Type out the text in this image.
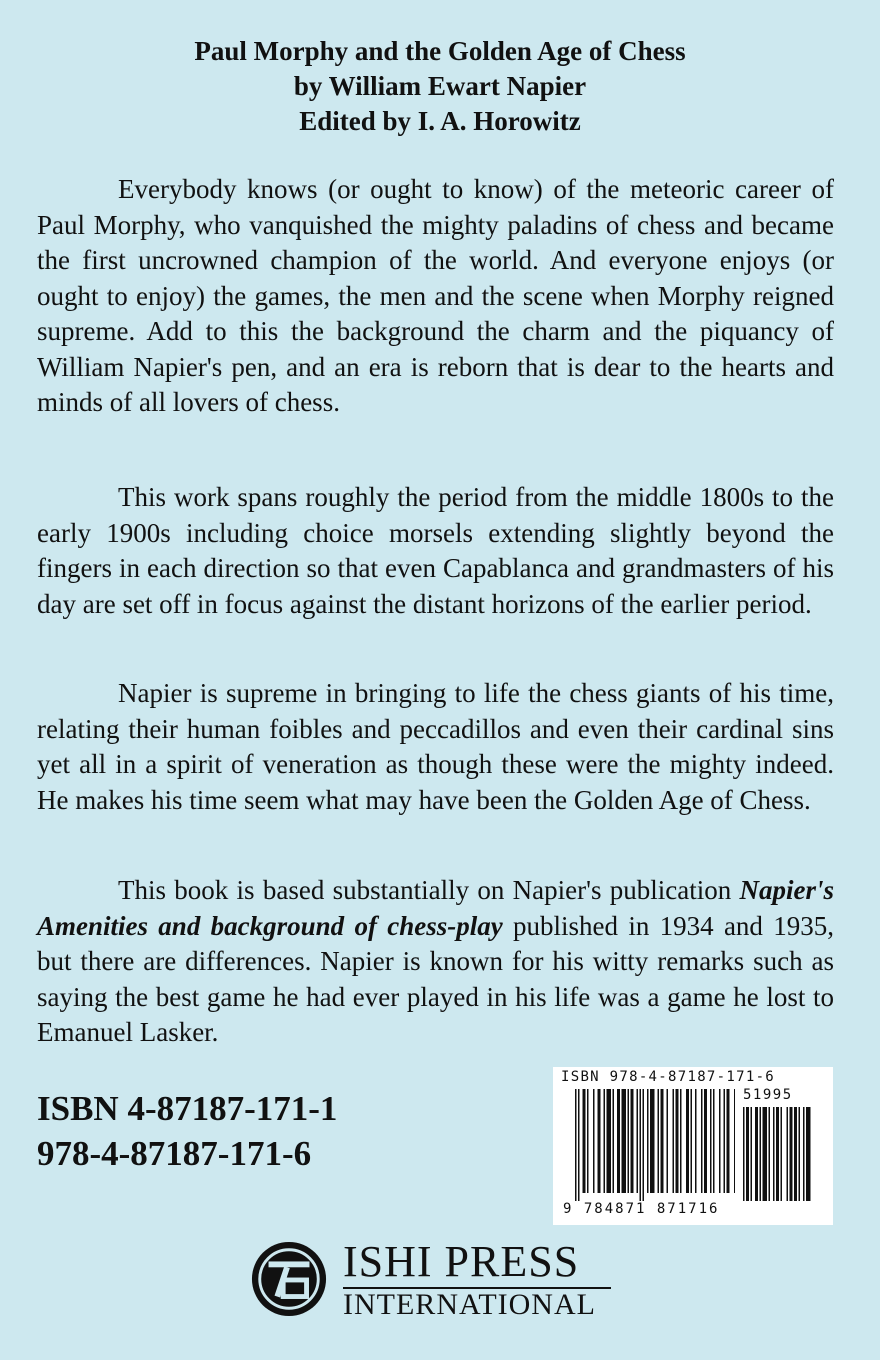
Paul Morphy and the Golden Age of Chess
by William Ewart Napier
Edited by I. A. Horowitz

Everybody knows (or ought to know) of the meteoric career of Paul Morphy, who vanquished the mighty paladins of chess and became the first uncrowned champion of the world. And everyone enjoys (or ought to enjoy) the games, the men and the scene when Morphy reigned supreme. Add to this the background the charm and the piquancy of William Napier's pen, and an era is reborn that is dear to the hearts and minds of all lovers of chess.

This work spans roughly the period from the middle 1800s to the early 1900s including choice morsels extending slightly beyond the fingers in each direction so that even Capablanca and grandmasters of his day are set off in focus against the distant horizons of the earlier period.

Napier is supreme in bringing to life the chess giants of his time, relating their human foibles and peccadillos and even their cardinal sins yet all in a spirit of veneration as though these were the mighty indeed. He makes his time seem what may have been the Golden Age of Chess.

This book is based substantially on Napier's publication Napier's Amenities and background of chess-play published in 1934 and 1935, but there are differences. Napier is known for his witty remarks such as saying the best game he had ever played in his life was a game he lost to Emanuel Lasker.

ISBN 4-87187-171-1
978-4-87187-171-6
ISBN 978-4-87187-171-6
51995
9 784871 871716
ISHI PRESS
INTERNATIONAL
